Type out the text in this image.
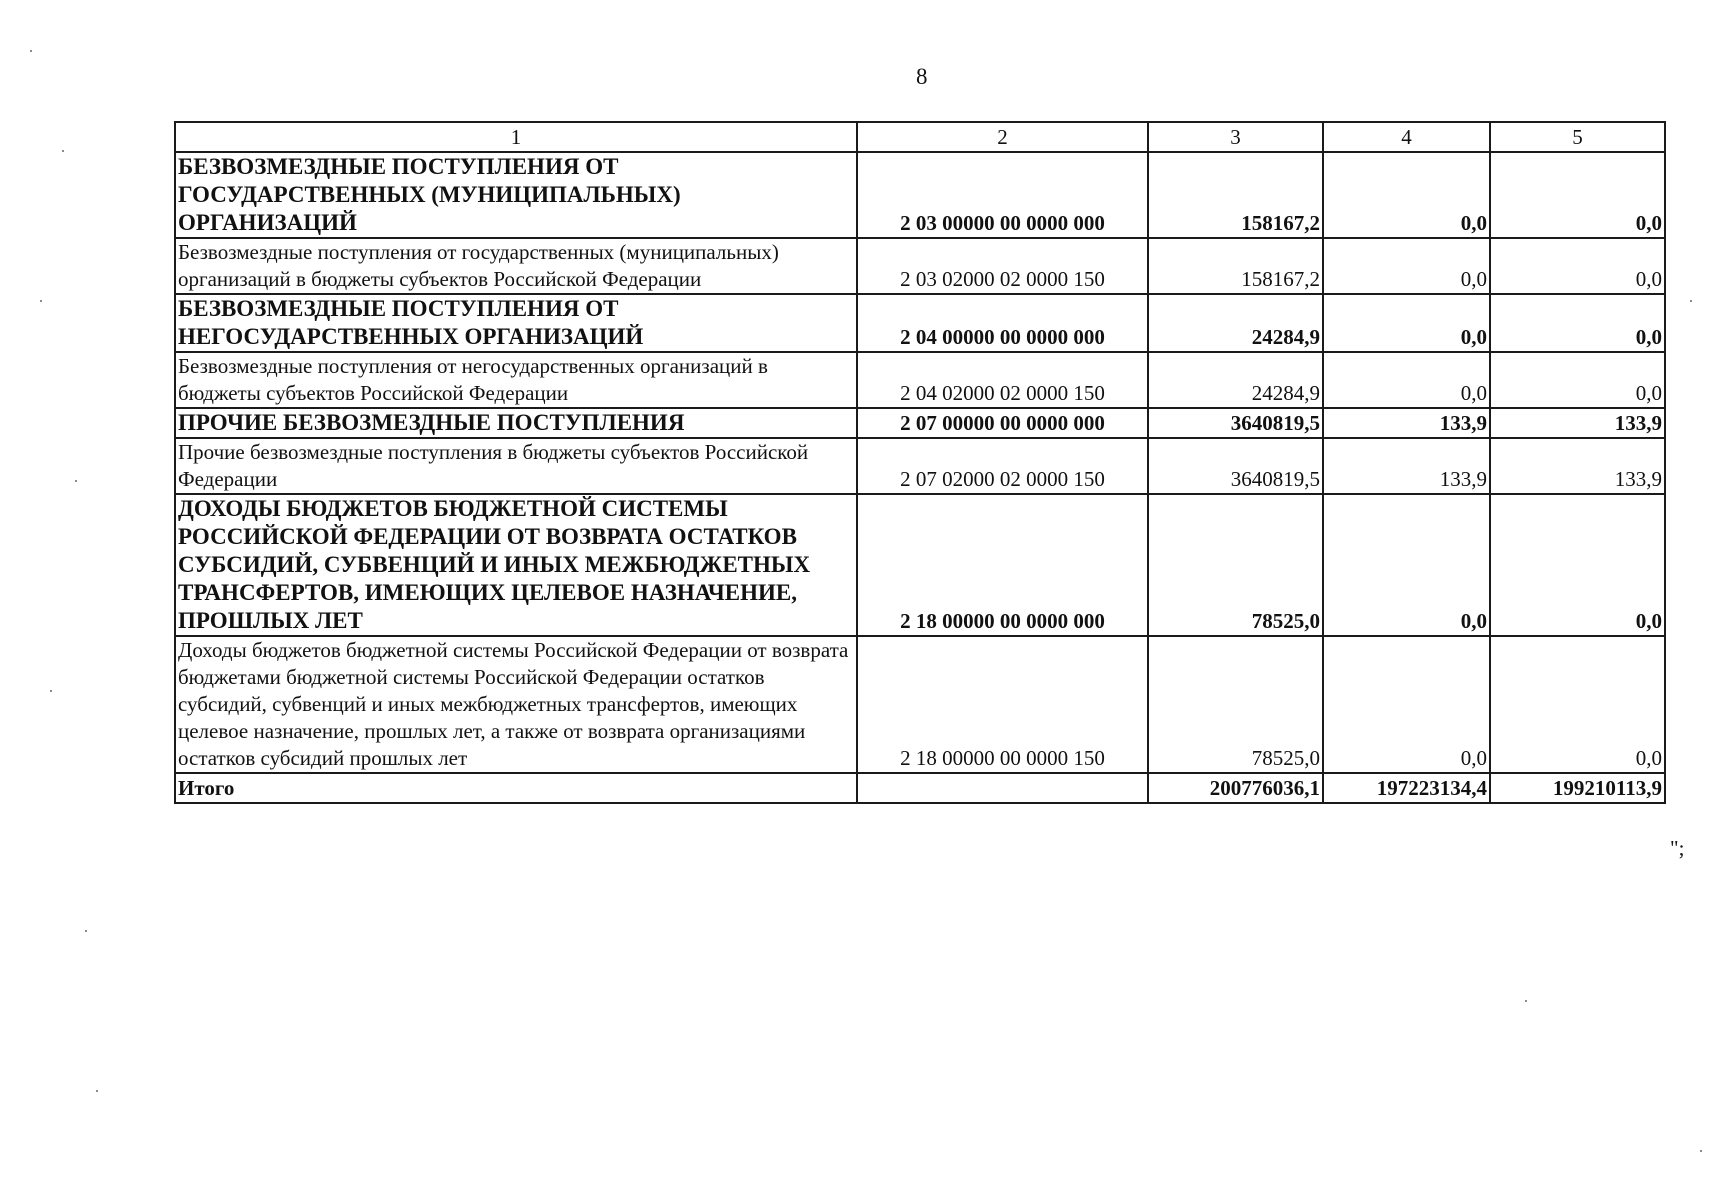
8
1	2	3	4	5
БЕЗВОЗМЕЗДНЫЕ ПОСТУПЛЕНИЯ ОТ ГОСУДАРСТВЕННЫХ (МУНИЦИПАЛЬНЫХ) ОРГАНИЗАЦИЙ	2 03 00000 00 0000 000	158167,2	0,0	0,0
Безвозмездные поступления от государственных (муниципальных) организаций в бюджеты субъектов Российской Федерации	2 03 02000 02 0000 150	158167,2	0,0	0,0
БЕЗВОЗМЕЗДНЫЕ ПОСТУПЛЕНИЯ ОТ НЕГОСУДАРСТВЕННЫХ ОРГАНИЗАЦИЙ	2 04 00000 00 0000 000	24284,9	0,0	0,0
Безвозмездные поступления от негосударственных организаций в бюджеты субъектов Российской Федерации	2 04 02000 02 0000 150	24284,9	0,0	0,0
ПРОЧИЕ БЕЗВОЗМЕЗДНЫЕ ПОСТУПЛЕНИЯ	2 07 00000 00 0000 000	3640819,5	133,9	133,9
Прочие безвозмездные поступления в бюджеты субъектов Российской Федерации	2 07 02000 02 0000 150	3640819,5	133,9	133,9
ДОХОДЫ БЮДЖЕТОВ БЮДЖЕТНОЙ СИСТЕМЫ РОССИЙСКОЙ ФЕДЕРАЦИИ ОТ ВОЗВРАТА ОСТАТКОВ СУБСИДИЙ, СУБВЕНЦИЙ И ИНЫХ МЕЖБЮДЖЕТНЫХ ТРАНСФЕРТОВ, ИМЕЮЩИХ ЦЕЛЕВОЕ НАЗНАЧЕНИЕ, ПРОШЛЫХ ЛЕТ	2 18 00000 00 0000 000	78525,0	0,0	0,0
Доходы бюджетов бюджетной системы Российской Федерации от возврата бюджетами бюджетной системы Российской Федерации остатков субсидий, субвенций и иных межбюджетных трансфертов, имеющих целевое назначение, прошлых лет, а также от возврата организациями остатков субсидий прошлых лет	2 18 00000 00 0000 150	78525,0	0,0	0,0
Итого		200776036,1	197223134,4	199210113,9
";
